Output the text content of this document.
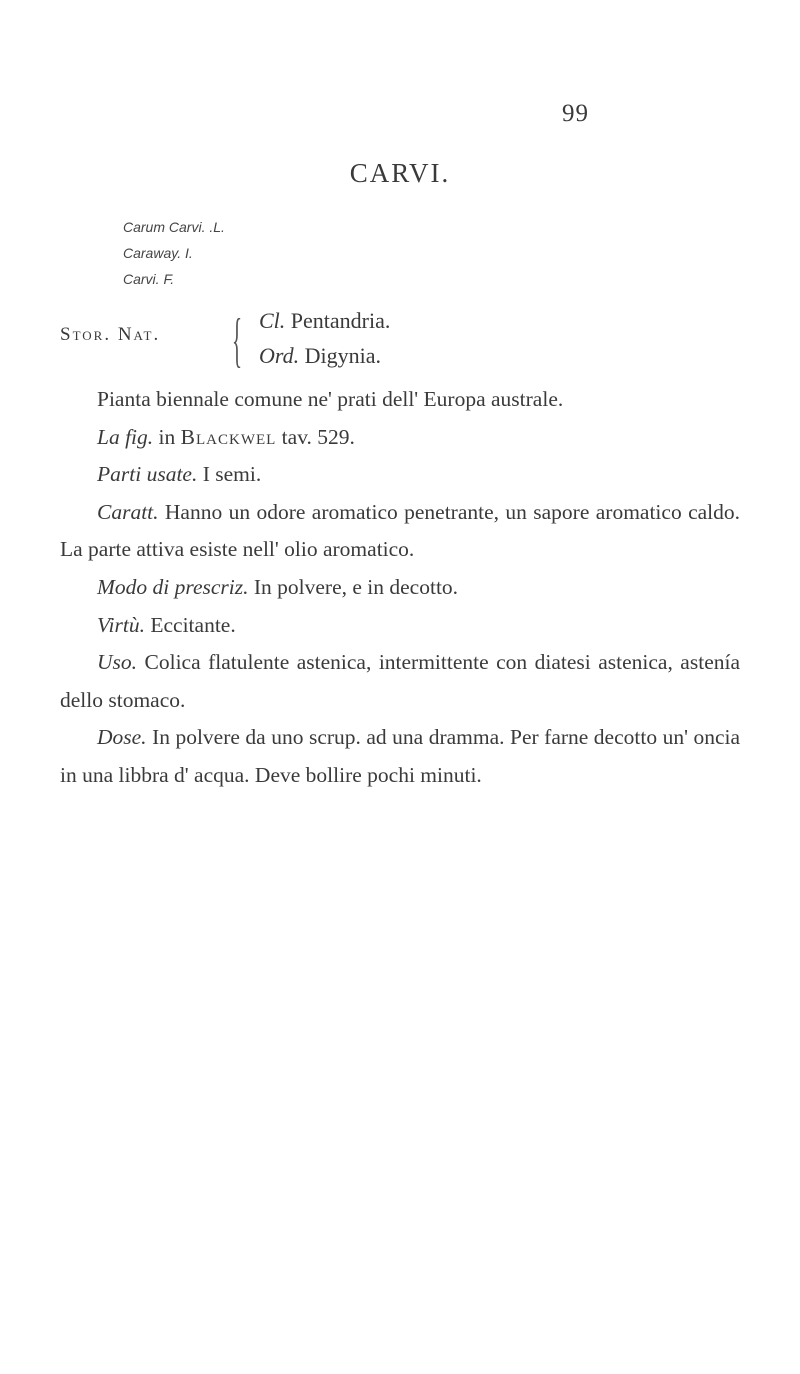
99
CARVI.
Carum Carvi. .L.
Caraway. I.
Carvi. F.
Stor. Nat. { Cl. Pentandria.
Ord. Digynia.

Pianta biennale comune ne' prati dell' Europa australe.

La fig. in Blackwel tav. 529.

Parti usate. I semi.

Caratt. Hanno un odore aromatico penetrante, un sapore aromatico caldo. La parte attiva esiste nell' olio aromatico.

Modo di prescriz. In polvere, e in decotto.

Virtù. Eccitante.

Uso. Colica flatulente astenica, intermittente con diatesi astenica, astenía dello stomaco.

Dose. In polvere da uno scrup. ad una dramma. Per farne decotto un' oncia in una libbra d' acqua. Deve bollire pochi minuti.
